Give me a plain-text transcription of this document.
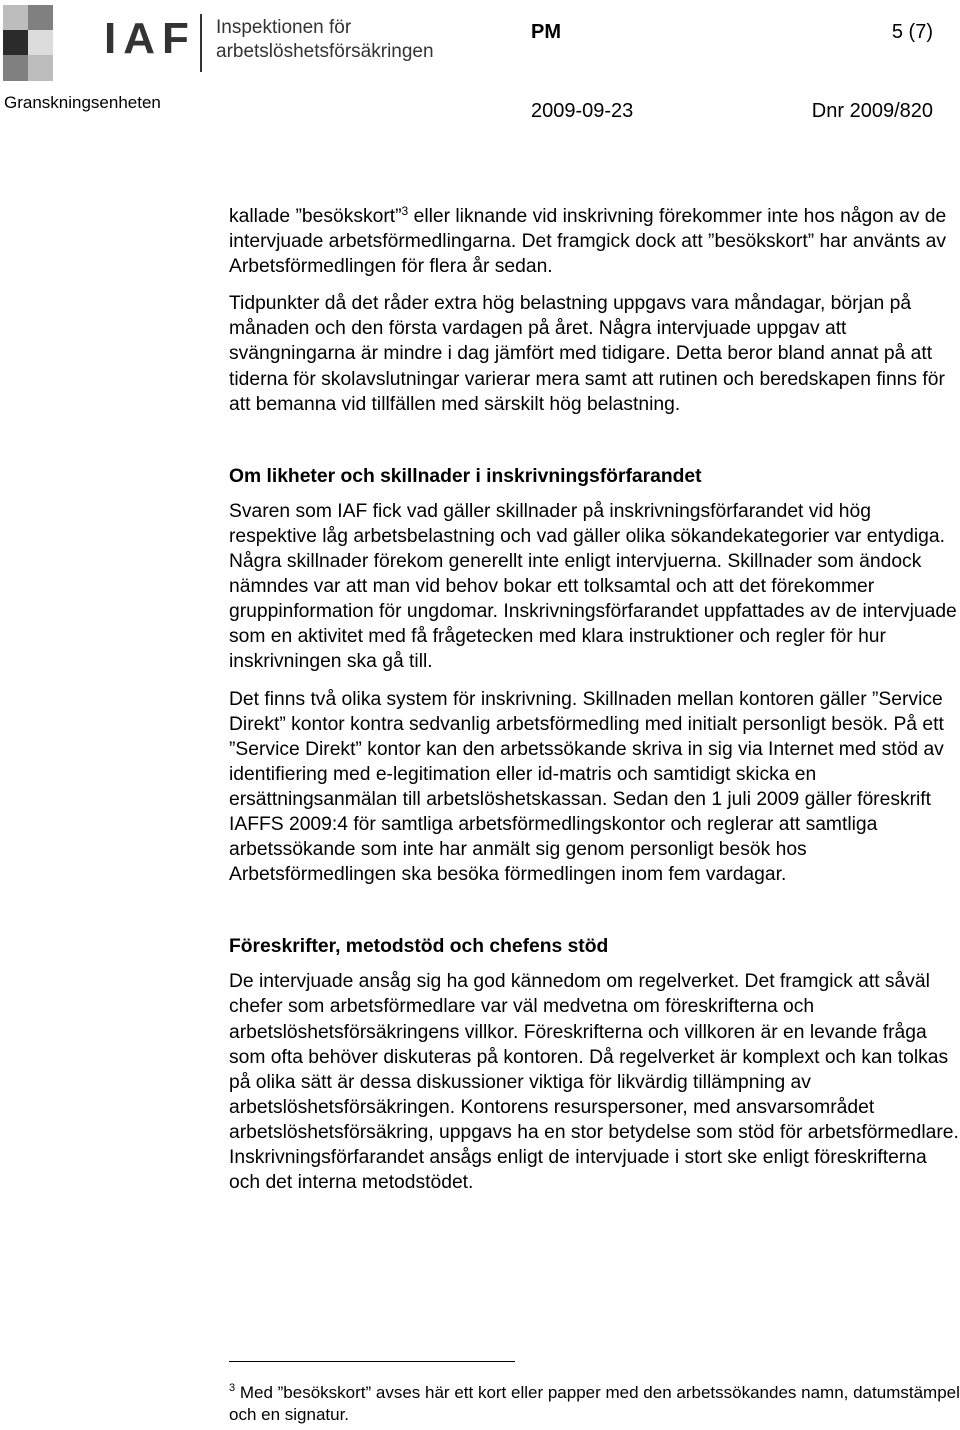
IAF Inspektionen för
arbetslöshetsförsäkringen
PM	5 (7)
Granskningsenheten	2009-09-23	Dnr 2009/820

kallade ”besökskort”$^3$ eller liknande vid inskrivning förekommer inte hos någon av de intervjuade arbetsförmedlingarna. Det framgick dock att ”besökskort” har använts av Arbetsförmedlingen för flera år sedan.

Tidpunkter då det råder extra hög belastning uppgavs vara måndagar, början på månaden och den första vardagen på året. Några intervjuade uppgav att svängningarna är mindre i dag jämfört med tidigare. Detta beror bland annat på att tiderna för skolavslutningar varierar mera samt att rutinen och beredskapen finns för att bemanna vid tillfällen med särskilt hög belastning.

Om likheter och skillnader i inskrivningsförfarandet

Svaren som IAF fick vad gäller skillnader på inskrivningsförfarandet vid hög respektive låg arbetsbelastning och vad gäller olika sökandekategorier var entydiga. Några skillnader förekom generellt inte enligt intervjuerna. Skillnader som ändock nämndes var att man vid behov bokar ett tolksamtal och att det förekommer gruppinformation för ungdomar. Inskrivningsförfarandet uppfattades av de intervjuade som en aktivitet med få frågetecken med klara instruktioner och regler för hur inskrivningen ska gå till.

Det finns två olika system för inskrivning. Skillnaden mellan kontoren gäller ”Service Direkt” kontor kontra sedvanlig arbetsförmedling med initialt personligt besök. På ett ”Service Direkt” kontor kan den arbetssökande skriva in sig via Internet med stöd av identifiering med e-legitimation eller id-matris och samtidigt skicka en ersättningsanmälan till arbetslöshetskassan. Sedan den 1 juli 2009 gäller föreskrift IAFFS 2009:4 för samtliga arbetsförmedlingskontor och reglerar att samtliga arbetssökande som inte har anmält sig genom personligt besök hos Arbetsförmedlingen ska besöka förmedlingen inom fem vardagar.

Föreskrifter, metodstöd och chefens stöd

De intervjuade ansåg sig ha god kännedom om regelverket. Det framgick att såväl chefer som arbetsförmedlare var väl medvetna om föreskrifterna och arbetslöshetsförsäkringens villkor. Föreskrifterna och villkoren är en levande fråga som ofta behöver diskuteras på kontoren. Då regelverket är komplext och kan tolkas på olika sätt är dessa diskussioner viktiga för likvärdig tillämpning av arbetslöshetsförsäkringen. Kontorens resurspersoner, med ansvarsområdet arbetslöshetsförsäkring, uppgavs ha en stor betydelse som stöd för arbetsförmedlare. Inskrivningsförfarandet ansågs enligt de intervjuade i stort ske enligt föreskrifterna och det interna metodstödet.

$^3$ Med ”besökskort” avses här ett kort eller papper med den arbetssökandes namn, datumstämpel och en signatur.
